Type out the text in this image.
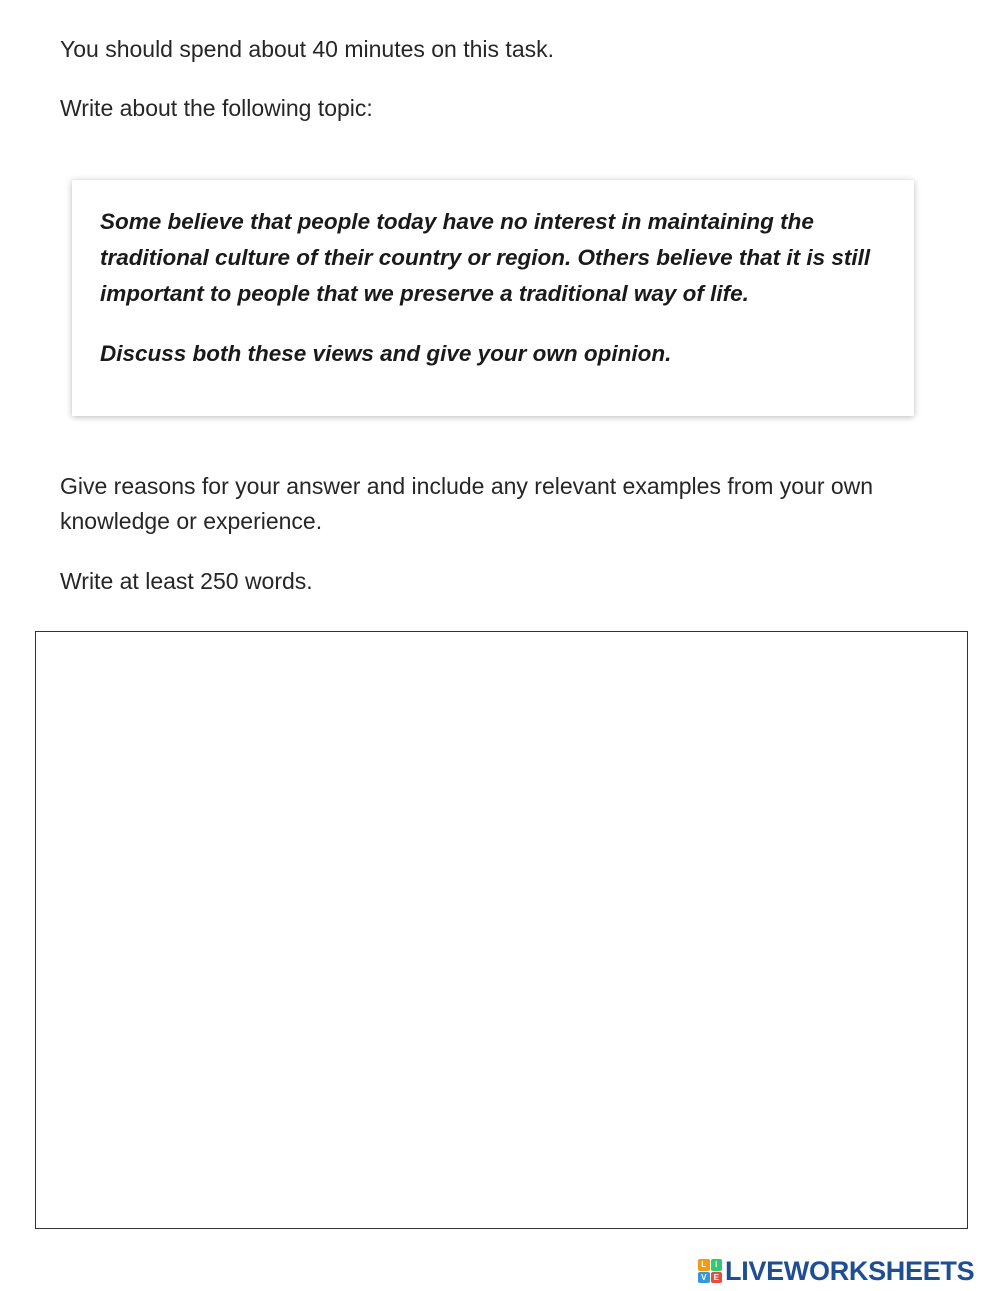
You should spend about 40 minutes on this task.

Write about the following topic:

Some believe that people today have no interest in maintaining the traditional culture of their country or region. Others believe that it is still important to people that we preserve a traditional way of life.

Discuss both these views and give your own opinion.

Give reasons for your answer and include any relevant examples from your own knowledge or experience.

Write at least 250 words.

L	I
V E LIVEWORKSHEETS
